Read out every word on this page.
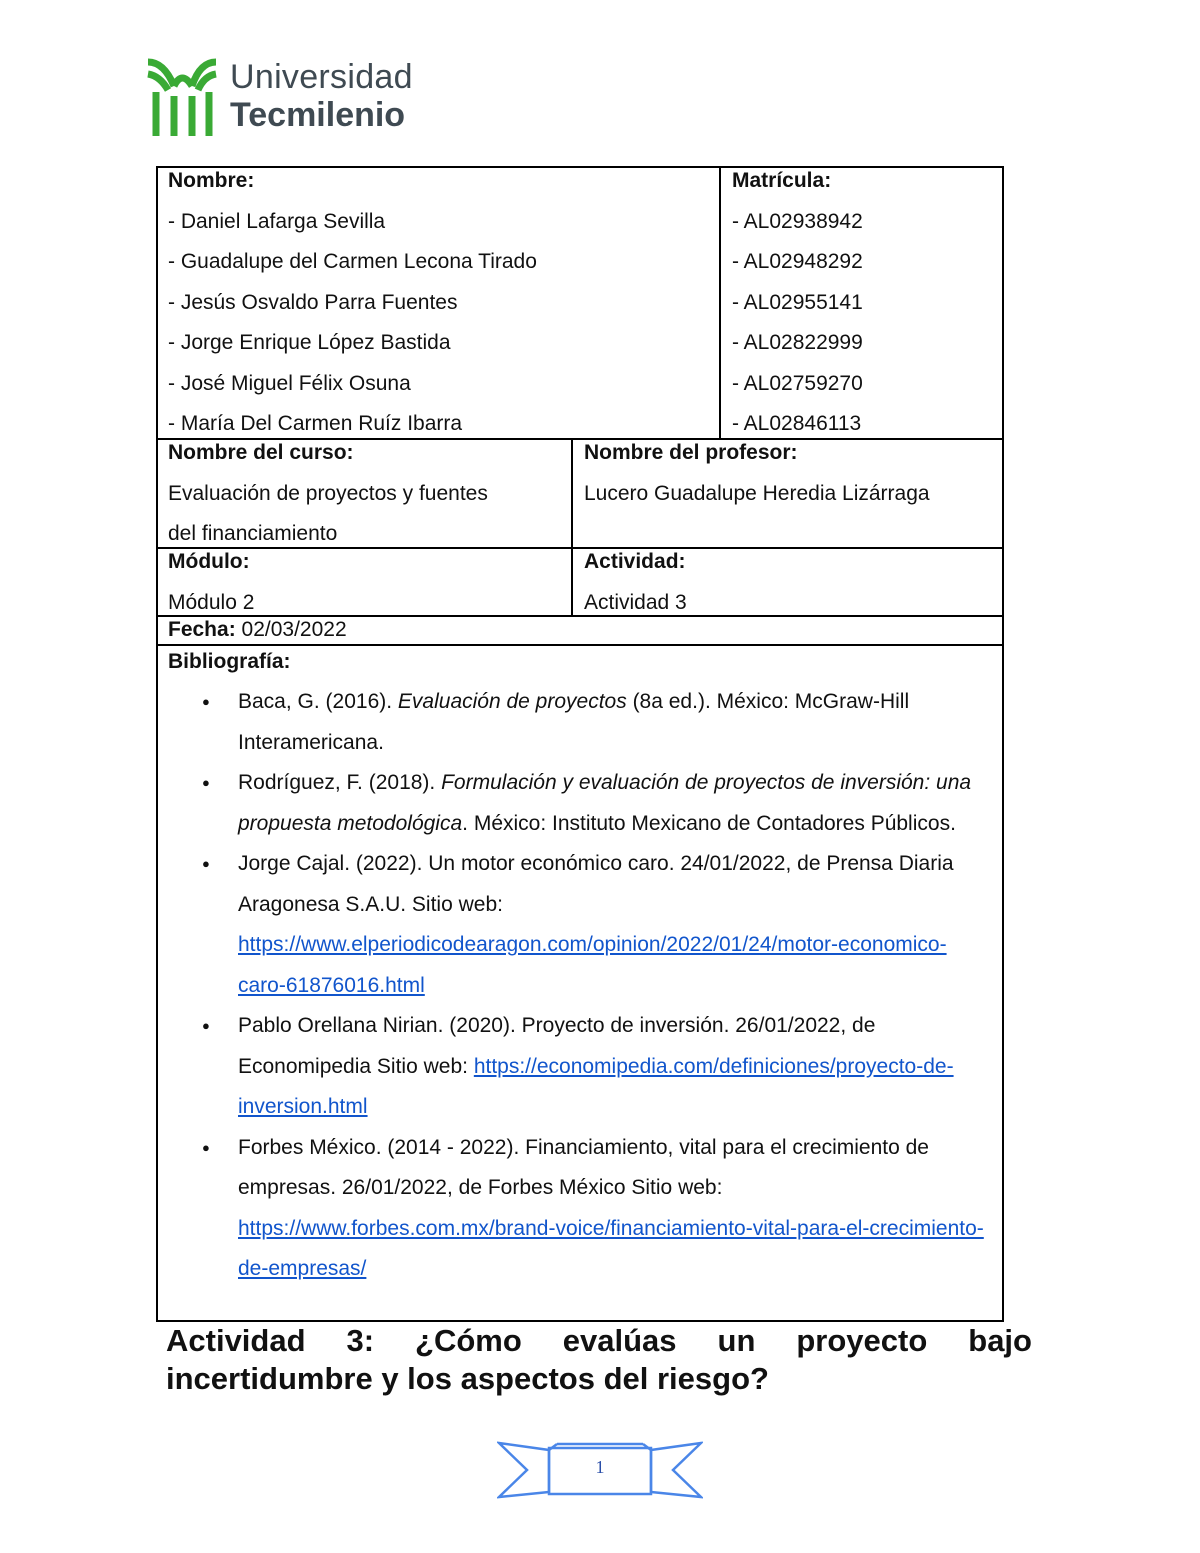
Universidad
Tecmilenio
Nombre:
- Daniel Lafarga Sevilla
- Guadalupe del Carmen Lecona Tirado
- Jesús Osvaldo Parra Fuentes
- Jorge Enrique López Bastida
- José Miguel Félix Osuna
- María Del Carmen Ruíz Ibarra
Matrícula:
- AL02938942
- AL02948292
- AL02955141
- AL02822999
- AL02759270
- AL02846113
Nombre del curso:
Evaluación de proyectos y fuentes
del financiamiento
Nombre del profesor:
Lucero Guadalupe Heredia Lizárraga
Módulo:
Módulo 2
Actividad:
Actividad 3
Fecha: 02/03/2022
Bibliografía:
● Baca, G. (2016). Evaluación de proyectos (8a ed.). México: McGraw-Hill Interamericana.
● Rodríguez, F. (2018). Formulación y evaluación de proyectos de inversión: una propuesta metodológica. México: Instituto Mexicano de Contadores Públicos.
● Jorge Cajal. (2022). Un motor económico caro. 24/01/2022, de Prensa Diaria Aragonesa S.A.U. Sitio web: https://www.elperiodicodearagon.com/opinion/2022/01/24/motor-economico-caro-61876016.html
● Pablo Orellana Nirian. (2020). Proyecto de inversión. 26/01/2022, de Economipedia Sitio web: https://economipedia.com/definiciones/proyecto-de-inversion.html
● Forbes México. (2014 - 2022). Financiamiento, vital para el crecimiento de empresas. 26/01/2022, de Forbes México Sitio web: https://www.forbes.com.mx/brand-voice/financiamiento-vital-para-el-crecimiento-de-empresas/
Actividad 3: ¿Cómo evalúas un proyecto bajo incertidumbre y los aspectos del riesgo?
1
